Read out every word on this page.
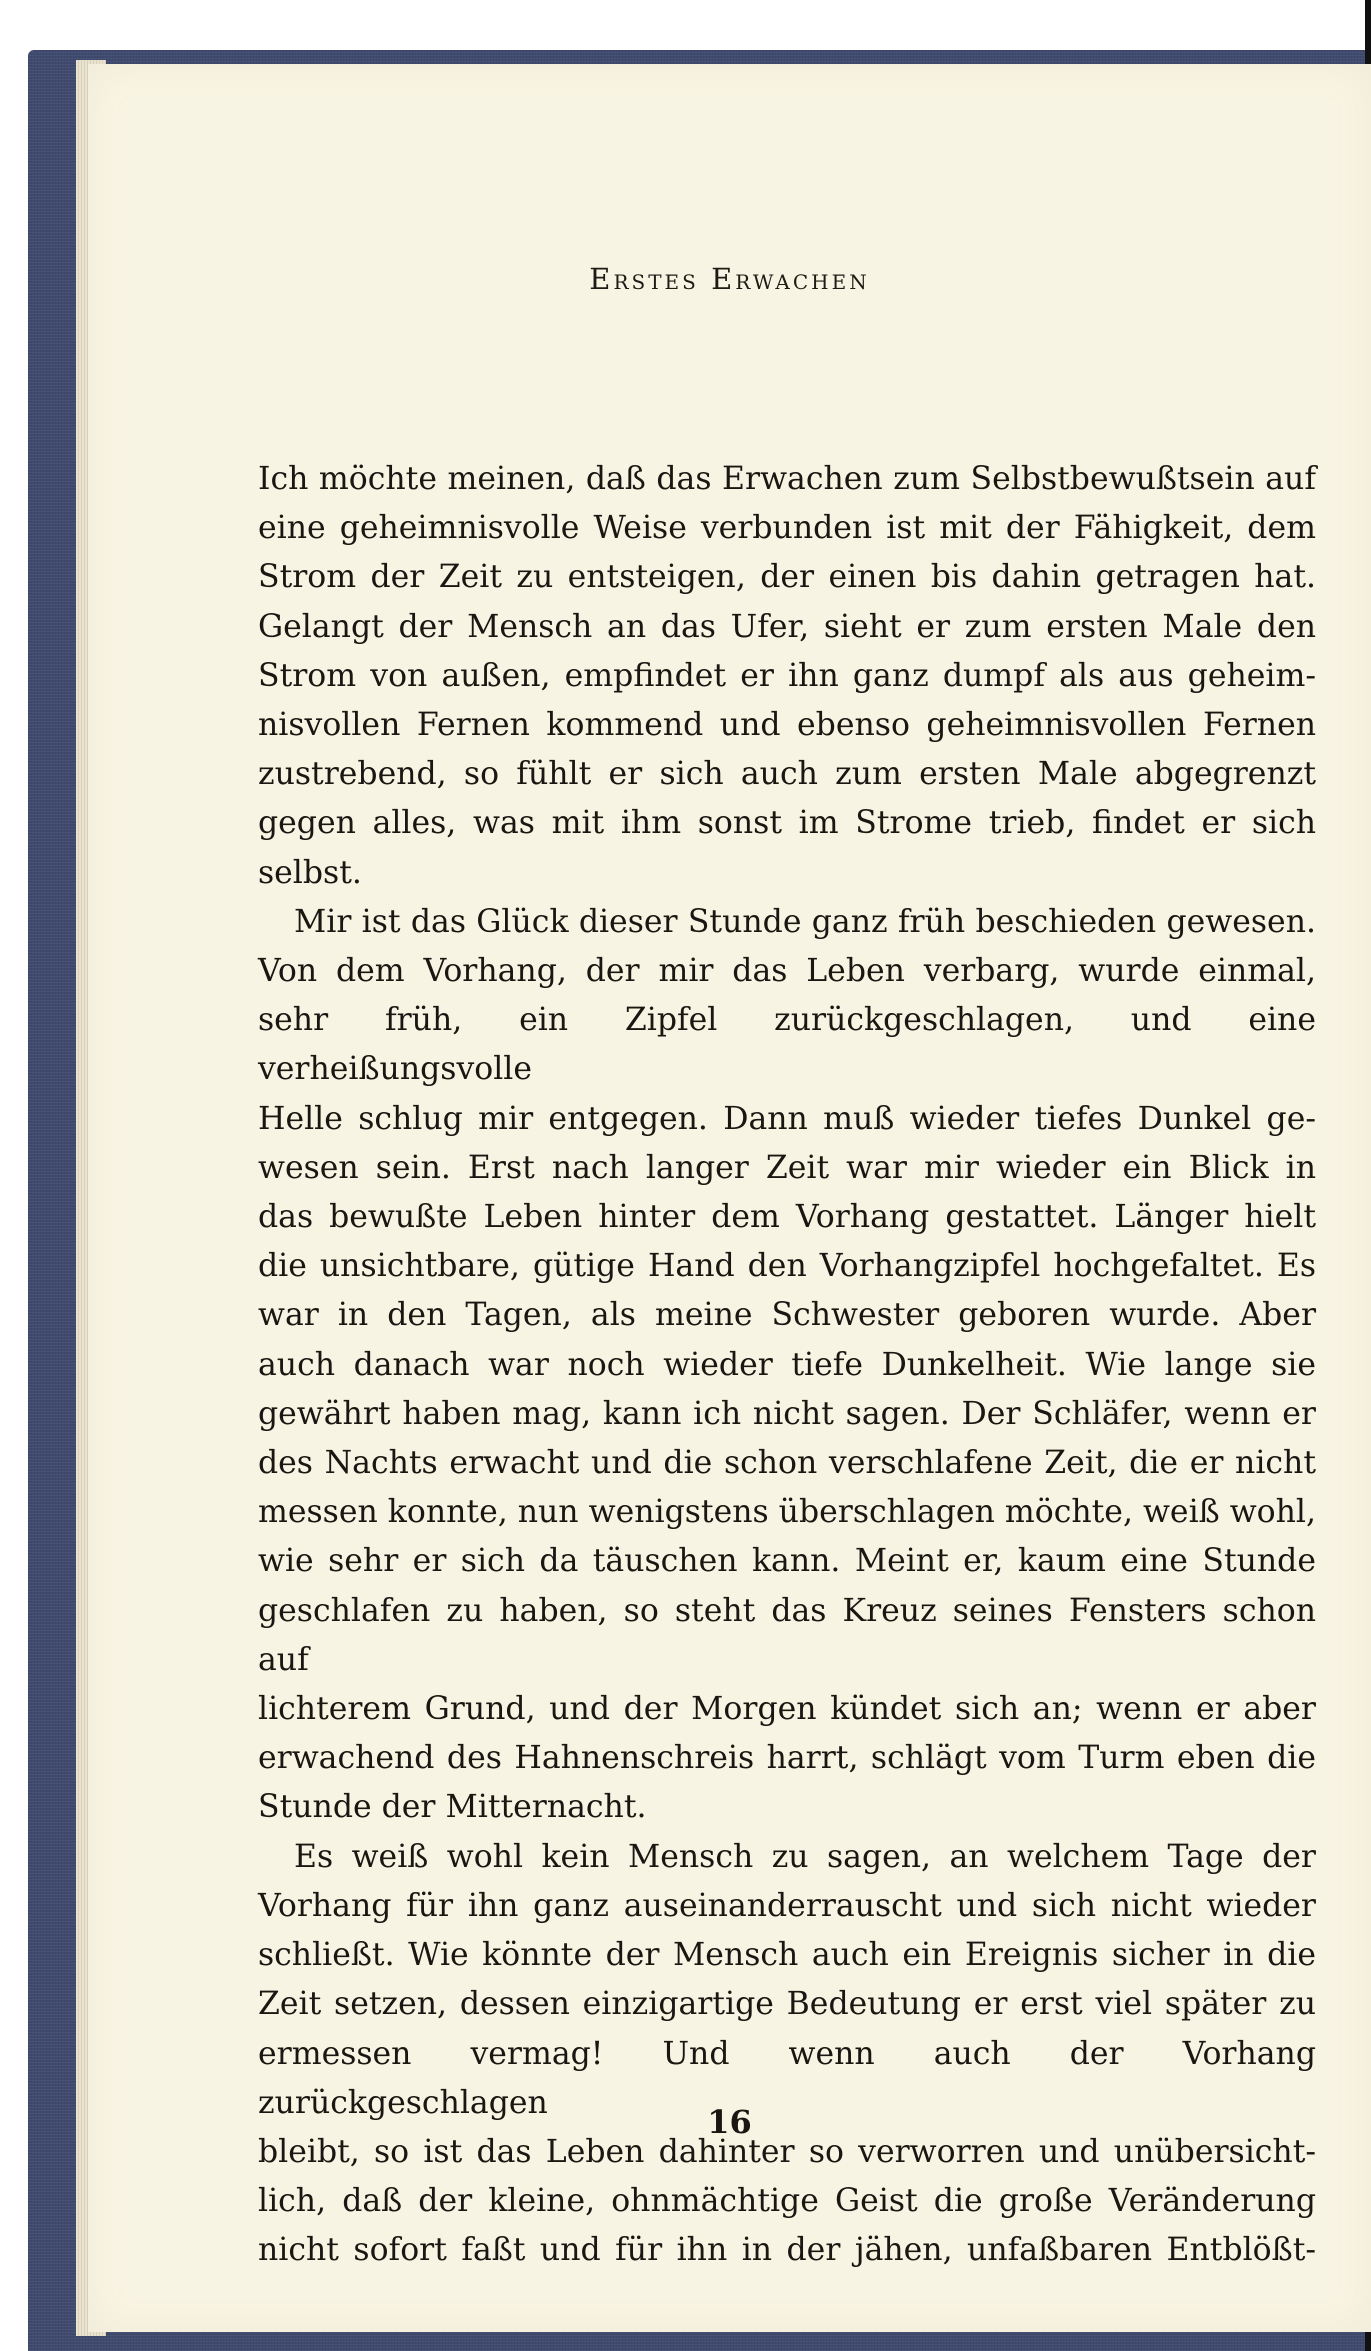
Erstes Erwachen

Ich möchte meinen, daß das Erwachen zum Selbstbewußtsein auf

eine geheimnisvolle Weise verbunden ist mit der Fähigkeit, dem

Strom der Zeit zu entsteigen, der einen bis dahin getragen hat.

Gelangt der Mensch an das Ufer, sieht er zum ersten Male den

Strom von außen, empfindet er ihn ganz dumpf als aus geheim-

nisvollen Fernen kommend und ebenso geheimnisvollen Fernen

zustrebend, so fühlt er sich auch zum ersten Male abgegrenzt

gegen alles, was mit ihm sonst im Strome trieb, findet er sich selbst.

Mir ist das Glück dieser Stunde ganz früh beschieden gewesen.

Von dem Vorhang, der mir das Leben verbarg, wurde einmal,

sehr früh, ein Zipfel zurückgeschlagen, und eine verheißungsvolle

Helle schlug mir entgegen. Dann muß wieder tiefes Dunkel ge-

wesen sein. Erst nach langer Zeit war mir wieder ein Blick in

das bewußte Leben hinter dem Vorhang gestattet. Länger hielt

die unsichtbare, gütige Hand den Vorhangzipfel hochgefaltet. Es

war in den Tagen, als meine Schwester geboren wurde. Aber

auch danach war noch wieder tiefe Dunkelheit. Wie lange sie

gewährt haben mag, kann ich nicht sagen. Der Schläfer, wenn er

des Nachts erwacht und die schon verschlafene Zeit, die er nicht

messen konnte, nun wenigstens überschlagen möchte, weiß wohl,

wie sehr er sich da täuschen kann. Meint er, kaum eine Stunde

geschlafen zu haben, so steht das Kreuz seines Fensters schon auf

lichterem Grund, und der Morgen kündet sich an; wenn er aber

erwachend des Hahnenschreis harrt, schlägt vom Turm eben die

Stunde der Mitternacht.

Es weiß wohl kein Mensch zu sagen, an welchem Tage der

Vorhang für ihn ganz auseinanderrauscht und sich nicht wieder

schließt. Wie könnte der Mensch auch ein Ereignis sicher in die

Zeit setzen, dessen einzigartige Bedeutung er erst viel später zu

ermessen vermag! Und wenn auch der Vorhang zurückgeschlagen

bleibt, so ist das Leben dahinter so verworren und unübersicht-

lich, daß der kleine, ohnmächtige Geist die große Veränderung

nicht sofort faßt und für ihn in der jähen, unfaßbaren Entblößt-

16
